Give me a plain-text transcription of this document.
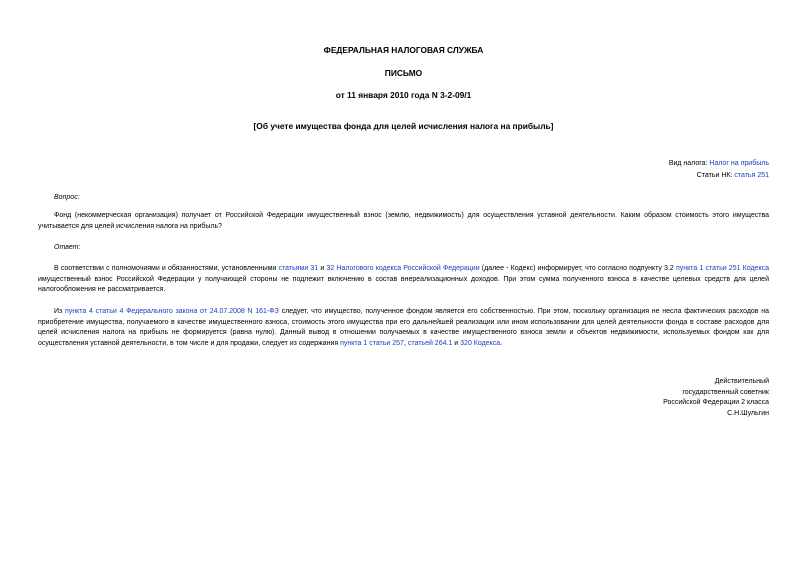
ФЕДЕРАЛЬНАЯ НАЛОГОВАЯ СЛУЖБА
ПИСЬМО
от 11 января 2010 года N 3-2-09/1
[Об учете имущества фонда для целей исчисления налога на прибыль]
Вид налога: Налог на прибыль
Статьи НК: статья 251
Вопрос:
Фонд (некоммерческая организация) получает от Российской Федерации имущественный взнос (землю, недвижимость) для осуществления уставной деятельности. Каким образом стоимость этого имущества учитывается для целей исчисления налога на прибыль?
Ответ:
В соответствии с полномочиями и обязанностями, установленными статьями 31 и 32 Налогового кодекса Российской Федерации (далее - Кодекс) информирует, что согласно подпункту 3.2 пункта 1 статьи 251 Кодекса имущественный взнос Российской Федерации у получающей стороны не подлежит включению в состав внереализационных доходов. При этом сумма полученного взноса в качестве целевых средств для целей налогообложения не рассматривается.
Из пункта 4 статьи 4 Федерального закона от 24.07.2008 N 161-ФЗ следует, что имущество, полученное фондом является его собственностью. При этом, поскольку организация не несла фактических расходов на приобретение имущества, получаемого в качестве имущественного взноса, стоимость этого имущества при его дальнейшей реализации или ином использовании для целей деятельности фонда в составе расходов для целей исчисления налога на прибыль не формируется (равна нулю). Данный вывод в отношении получаемых в качестве имущественного взноса земли и объектов недвижимости, используемых фондом как для осуществления уставной деятельности, в том числе и для продажи, следует из содержания пункта 1 статьи 257, статьей 264.1 и 320 Кодекса.
Действительный
государственный советник
Российской Федерации 2 класса
С.Н.Шульгин
